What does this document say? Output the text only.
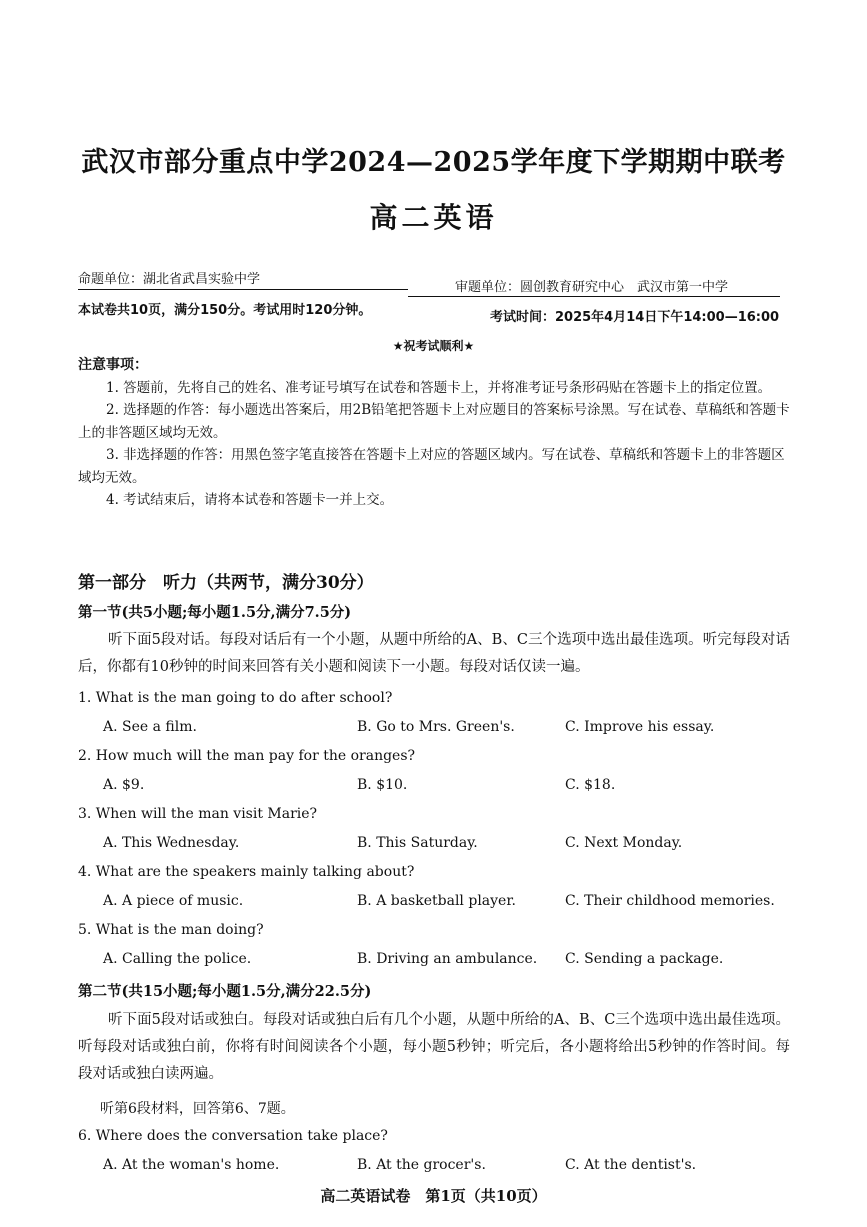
武汉市部分重点中学2024—2025学年度下学期期中联考
高二英语
命题单位：湖北省武昌实验中学
审题单位：圆创教育研究中心　武汉市第一中学
本试卷共10页，满分150分。考试用时120分钟。	考试时间：2025年4月14日下午14:00—16:00
★祝考试顺利★
注意事项：

1. 答题前，先将自己的姓名、准考证号填写在试卷和答题卡上，并将准考证号条形码贴在答题卡上的指定位置。

2. 选择题的作答：每小题选出答案后，用2B铅笔把答题卡上对应题目的答案标号涂黑。写在试卷、草稿纸和答题卡上的非答题区域均无效。

3. 非选择题的作答：用黑色签字笔直接答在答题卡上对应的答题区域内。写在试卷、草稿纸和答题卡上的非答题区域均无效。

4. 考试结束后，请将本试卷和答题卡一并上交。

第一部分　听力（共两节，满分30分）
第一节(共5小题;每小题1.5分,满分7.5分)
听下面5段对话。每段对话后有一个小题，从题中所给的A、B、C三个选项中选出最佳选项。听完每段对话后，你都有10秒钟的时间来回答有关小题和阅读下一小题。每段对话仅读一遍。
1. What is the man going to do after school?
A. See a film.	B. Go to Mrs. Green's.	C. Improve his essay.
2. How much will the man pay for the oranges?
A. $9.	B. $10.	C. $18.
3. When will the man visit Marie?
A. This Wednesday.	B. This Saturday.	C. Next Monday.
4. What are the speakers mainly talking about?
A. A piece of music.	B. A basketball player.	C. Their childhood memories.
5. What is the man doing?
A. Calling the police.	B. Driving an ambulance. C. Sending a package.
第二节(共15小题;每小题1.5分,满分22.5分)
听下面5段对话或独白。每段对话或独白后有几个小题，从题中所给的A、B、C三个选项中选出最佳选项。听每段对话或独白前，你将有时间阅读各个小题，每小题5秒钟；听完后，各小题将给出5秒钟的作答时间。每段对话或独白读两遍。
听第6段材料，回答第6、7题。
6. Where does the conversation take place?
A. At the woman's home.	B. At the grocer's.	C. At the dentist's.
高二英语试卷　第1页（共10页）
